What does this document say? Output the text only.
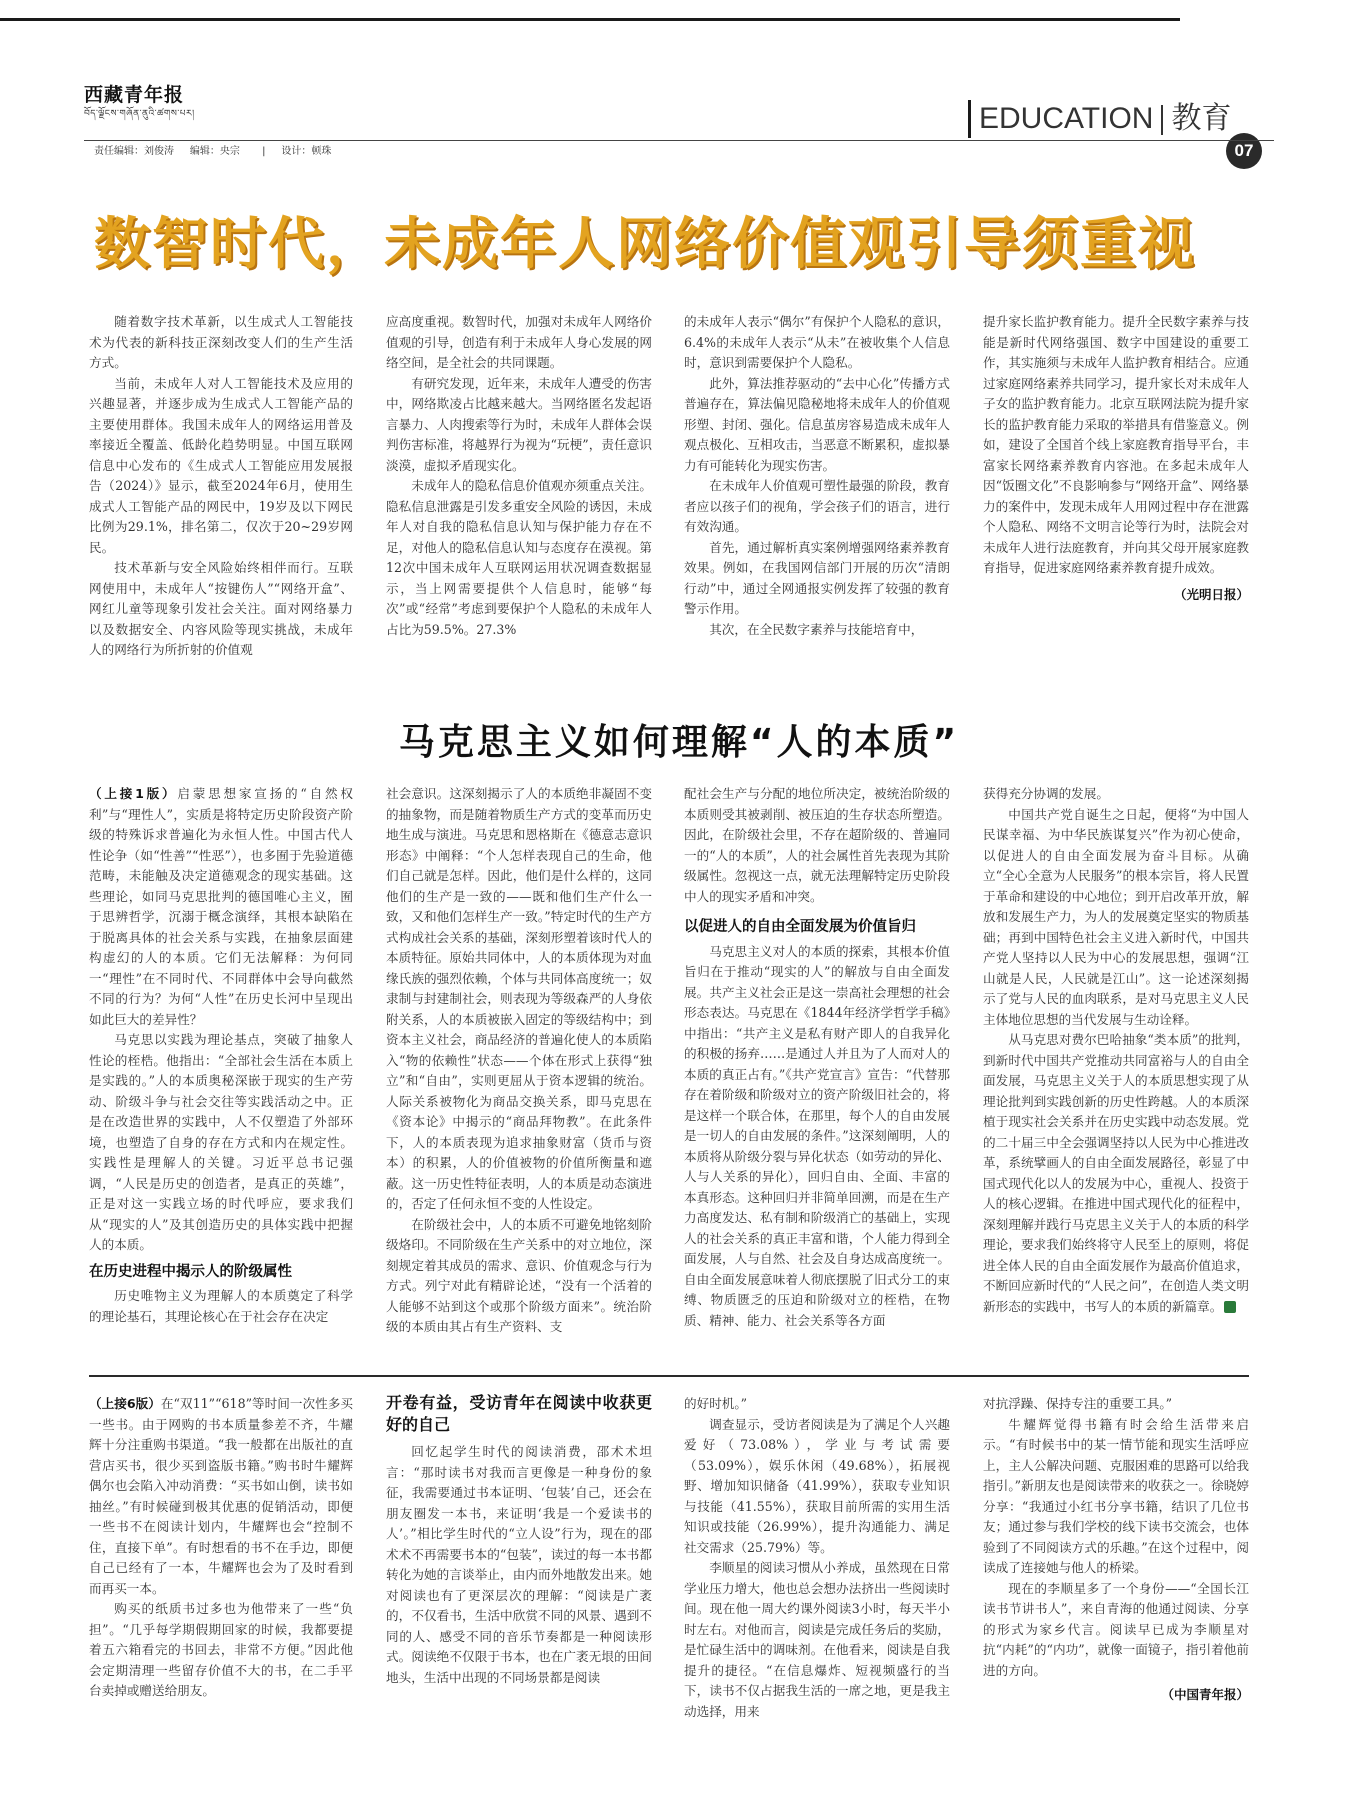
西藏青年报
བོད་ལྗོངས་གཞོན་ནུའི་ཚགས་པར།	EDUCATION 教育
07
责任编辑：刘俊涛     编辑：央宗       |     设计：顿珠
数智时代，未成年人网络价值观引导须重视

随着数字技术革新，以生成式人工智能技术为代表的新科技正深刻改变人们的生产生活方式。

当前，未成年人对人工智能技术及应用的兴趣显著，并逐步成为生成式人工智能产品的主要使用群体。我国未成年人的网络运用普及率接近全覆盖、低龄化趋势明显。中国互联网信息中心发布的《生成式人工智能应用发展报告（2024）》显示，截至2024年6月，使用生成式人工智能产品的网民中，19岁及以下网民比例为29.1%，排名第二，仅次于20~29岁网民。

技术革新与安全风险始终相伴而行。互联网使用中，未成年人“按键伤人”“网络开盒”、网红儿童等现象引发社会关注。面对网络暴力以及数据安全、内容风险等现实挑战，未成年人的网络行为所折射的价值观

应高度重视。数智时代，加强对未成年人网络价值观的引导，创造有利于未成年人身心发展的网络空间，是全社会的共同课题。

有研究发现，近年来，未成年人遭受的伤害中，网络欺凌占比越来越大。当网络匿名发起语言暴力、人肉搜索等行为时，未成年人群体会误判伤害标准，将越界行为视为“玩梗”，责任意识淡漠，虚拟矛盾现实化。

未成年人的隐私信息价值观亦须重点关注。隐私信息泄露是引发多重安全风险的诱因，未成年人对自我的隐私信息认知与保护能力存在不足，对他人的隐私信息认知与态度存在漠视。第12次中国未成年人互联网运用状况调查数据显示，当上网需要提供个人信息时，能够“每次”或“经常”考虑到要保护个人隐私的未成年人占比为59.5%。27.3%

的未成年人表示“偶尔”有保护个人隐私的意识，6.4%的未成年人表示“从未”在被收集个人信息时，意识到需要保护个人隐私。

此外，算法推荐驱动的“去中心化”传播方式普遍存在，算法偏见隐秘地将未成年人的价值观形塑、封闭、强化。信息茧房容易造成未成年人观点极化、互相攻击，当恶意不断累积，虚拟暴力有可能转化为现实伤害。

在未成年人价值观可塑性最强的阶段，教育者应以孩子们的视角，学会孩子们的语言，进行有效沟通。

首先，通过解析真实案例增强网络素养教育效果。例如，在我国网信部门开展的历次“清朗行动”中，通过全网通报实例发挥了较强的教育警示作用。

其次，在全民数字素养与技能培育中，

提升家长监护教育能力。提升全民数字素养与技能是新时代网络强国、数字中国建设的重要工作，其实施须与未成年人监护教育相结合。应通过家庭网络素养共同学习，提升家长对未成年人子女的监护教育能力。北京互联网法院为提升家长的监护教育能力采取的举措具有借鉴意义。例如，建设了全国首个线上家庭教育指导平台，丰富家长网络素养教育内容池。在多起未成年人因“饭圈文化”不良影响参与“网络开盒”、网络暴力的案件中，发现未成年人用网过程中存在泄露个人隐私、网络不文明言论等行为时，法院会对未成年人进行法庭教育，并向其父母开展家庭教育指导，促进家庭网络素养教育提升成效。

（光明日报）
马克思主义如何理解“人的本质”

（上接1版）启蒙思想家宣扬的“自然权利”与“理性人”，实质是将特定历史阶段资产阶级的特殊诉求普遍化为永恒人性。中国古代人性论争（如“性善”“性恶”），也多囿于先验道德范畴，未能触及决定道德观念的现实基础。这些理论，如同马克思批判的德国唯心主义，囿于思辨哲学，沉溺于概念演绎，其根本缺陷在于脱离具体的社会关系与实践，在抽象层面建构虚幻的人的本质。它们无法解释：为何同一“理性”在不同时代、不同群体中会导向截然不同的行为？为何“人性”在历史长河中呈现出如此巨大的差异性？

马克思以实践为理论基点，突破了抽象人性论的桎梏。他指出：“全部社会生活在本质上是实践的。”人的本质奥秘深嵌于现实的生产劳动、阶级斗争与社会交往等实践活动之中。正是在改造世界的实践中，人不仅塑造了外部环境，也塑造了自身的存在方式和内在规定性。实践性是理解人的关键。习近平总书记强调，“人民是历史的创造者，是真正的英雄”，正是对这一实践立场的时代呼应，要求我们从“现实的人”及其创造历史的具体实践中把握人的本质。

在历史进程中揭示人的阶级属性

历史唯物主义为理解人的本质奠定了科学的理论基石，其理论核心在于社会存在决定

社会意识。这深刻揭示了人的本质绝非凝固不变的抽象物，而是随着物质生产方式的变革而历史地生成与演进。马克思和恩格斯在《德意志意识形态》中阐释：“个人怎样表现自己的生命，他们自己就是怎样。因此，他们是什么样的，这同他们的生产是一致的——既和他们生产什么一致，又和他们怎样生产一致。”特定时代的生产方式构成社会关系的基础，深刻形塑着该时代人的本质特征。原始共同体中，人的本质体现为对血缘氏族的强烈依赖，个体与共同体高度统一；奴隶制与封建制社会，则表现为等级森严的人身依附关系，人的本质被嵌入固定的等级结构中；到资本主义社会，商品经济的普遍化使人的本质陷入“物的依赖性”状态——个体在形式上获得“独立”和“自由”，实则更屈从于资本逻辑的统治。人际关系被物化为商品交换关系，即马克思在《资本论》中揭示的“商品拜物教”。在此条件下，人的本质表现为追求抽象财富（货币与资本）的积累，人的价值被物的价值所衡量和遮蔽。这一历史性特征表明，人的本质是动态演进的，否定了任何永恒不变的人性设定。

在阶级社会中，人的本质不可避免地铭刻阶级烙印。不同阶级在生产关系中的对立地位，深刻规定着其成员的需求、意识、价值观念与行为方式。列宁对此有精辟论述，“没有一个活着的人能够不站到这个或那个阶级方面来”。统治阶级的本质由其占有生产资料、支

配社会生产与分配的地位所决定，被统治阶级的本质则受其被剥削、被压迫的生存状态所塑造。因此，在阶级社会里，不存在超阶级的、普遍同一的“人的本质”，人的社会属性首先表现为其阶级属性。忽视这一点，就无法理解特定历史阶段中人的现实矛盾和冲突。

以促进人的自由全面发展为价值旨归

马克思主义对人的本质的探索，其根本价值旨归在于推动“现实的人”的解放与自由全面发展。共产主义社会正是这一崇高社会理想的社会形态表达。马克思在《1844年经济学哲学手稿》中指出：“共产主义是私有财产即人的自我异化的积极的扬弃……是通过人并且为了人而对人的本质的真正占有。”《共产党宣言》宣告：“代替那存在着阶级和阶级对立的资产阶级旧社会的，将是这样一个联合体，在那里，每个人的自由发展是一切人的自由发展的条件。”这深刻阐明，人的本质将从阶级分裂与异化状态（如劳动的异化、人与人关系的异化），回归自由、全面、丰富的本真形态。这种回归并非简单回溯，而是在生产力高度发达、私有制和阶级消亡的基础上，实现人的社会关系的真正丰富和谐，个人能力得到全面发展，人与自然、社会及自身达成高度统一。自由全面发展意味着人彻底摆脱了旧式分工的束缚、物质匮乏的压迫和阶级对立的桎梏，在物质、精神、能力、社会关系等各方面

获得充分协调的发展。

中国共产党自诞生之日起，便将“为中国人民谋幸福、为中华民族谋复兴”作为初心使命，以促进人的自由全面发展为奋斗目标。从确立“全心全意为人民服务”的根本宗旨，将人民置于革命和建设的中心地位；到开启改革开放，解放和发展生产力，为人的发展奠定坚实的物质基础；再到中国特色社会主义进入新时代，中国共产党人坚持以人民为中心的发展思想，强调“江山就是人民，人民就是江山”。这一论述深刻揭示了党与人民的血肉联系，是对马克思主义人民主体地位思想的当代发展与生动诠释。

从马克思对费尔巴哈抽象“类本质”的批判，到新时代中国共产党推动共同富裕与人的自由全面发展，马克思主义关于人的本质思想实现了从理论批判到实践创新的历史性跨越。人的本质深植于现实社会关系并在历史实践中动态发展。党的二十届三中全会强调坚持以人民为中心推进改革，系统擘画人的自由全面发展路径，彰显了中国式现代化以人的发展为中心，重视人、投资于人的核心逻辑。在推进中国式现代化的征程中，深刻理解并践行马克思主义关于人的本质的科学理论，要求我们始终将守人民至上的原则，将促进全体人民的自由全面发展作为最高价值追求，不断回应新时代的“人民之问”，在创造人类文明新形态的实践中，书写人的本质的新篇章。

（上接6版）在“双11”“618”等时间一次性多买一些书。由于网购的书本质量参差不齐，牛耀辉十分注重购书渠道。“我一般都在出版社的直营店买书，很少买到盗版书籍。”购书时牛耀辉偶尔也会陷入冲动消费：“买书如山倒，读书如抽丝。”有时候碰到极其优惠的促销活动，即便一些书不在阅读计划内，牛耀辉也会“控制不住，直接下单”。有时想看的书不在手边，即便自己已经有了一本，牛耀辉也会为了及时看到而再买一本。

购买的纸质书过多也为他带来了一些“负担”。“几乎每学期假期回家的时候，我都要提着五六箱看完的书回去，非常不方便。”因此他会定期清理一些留存价值不大的书，在二手平台卖掉或赠送给朋友。

开卷有益，受访青年在阅读中收获更好的自己

回忆起学生时代的阅读消费，邵术术坦言：“那时读书对我而言更像是一种身份的象征，我需要通过书本证明、‘包装’自己，还会在朋友圈发一本书，来证明‘我是一个爱读书的人’。”相比学生时代的“立人设”行为，现在的邵术术不再需要书本的“包装”，读过的每一本书都转化为她的言谈举止，由内而外地散发出来。她对阅读也有了更深层次的理解：“阅读是广袤的，不仅看书，生活中欣赏不同的风景、遇到不同的人、感受不同的音乐节奏都是一种阅读形式。阅读绝不仅限于书本，也在广袤无垠的田间地头，生活中出现的不同场景都是阅读

的好时机。”

调查显示，受访者阅读是为了满足个人兴趣爱好（73.08%），学业与考试需要（53.09%），娱乐休闲（49.68%），拓展视野、增加知识储备（41.99%），获取专业知识与技能（41.55%），获取目前所需的实用生活知识或技能（26.99%），提升沟通能力、满足社交需求（25.79%）等。

李顺星的阅读习惯从小养成，虽然现在日常学业压力增大，他也总会想办法挤出一些阅读时间。现在他一周大约课外阅读3小时，每天半小时左右。对他而言，阅读是完成任务后的奖励，是忙碌生活中的调味剂。在他看来，阅读是自我提升的捷径。“在信息爆炸、短视频盛行的当下，读书不仅占据我生活的一席之地，更是我主动选择，用来

对抗浮躁、保持专注的重要工具。”

牛耀辉觉得书籍有时会给生活带来启示。“有时候书中的某一情节能和现实生活呼应上，主人公解决问题、克服困难的思路可以给我指引。”新朋友也是阅读带来的收获之一。徐晓婷分享：“我通过小红书分享书籍，结识了几位书友；通过参与我们学校的线下读书交流会，也体验到了不同阅读方式的乐趣。”在这个过程中，阅读成了连接她与他人的桥梁。

现在的李顺星多了一个身份——“全国长江读书节讲书人”，来自青海的他通过阅读、分享的形式为家乡代言。阅读早已成为李顺星对抗“内耗”的“内功”，就像一面镜子，指引着他前进的方向。

（中国青年报）
